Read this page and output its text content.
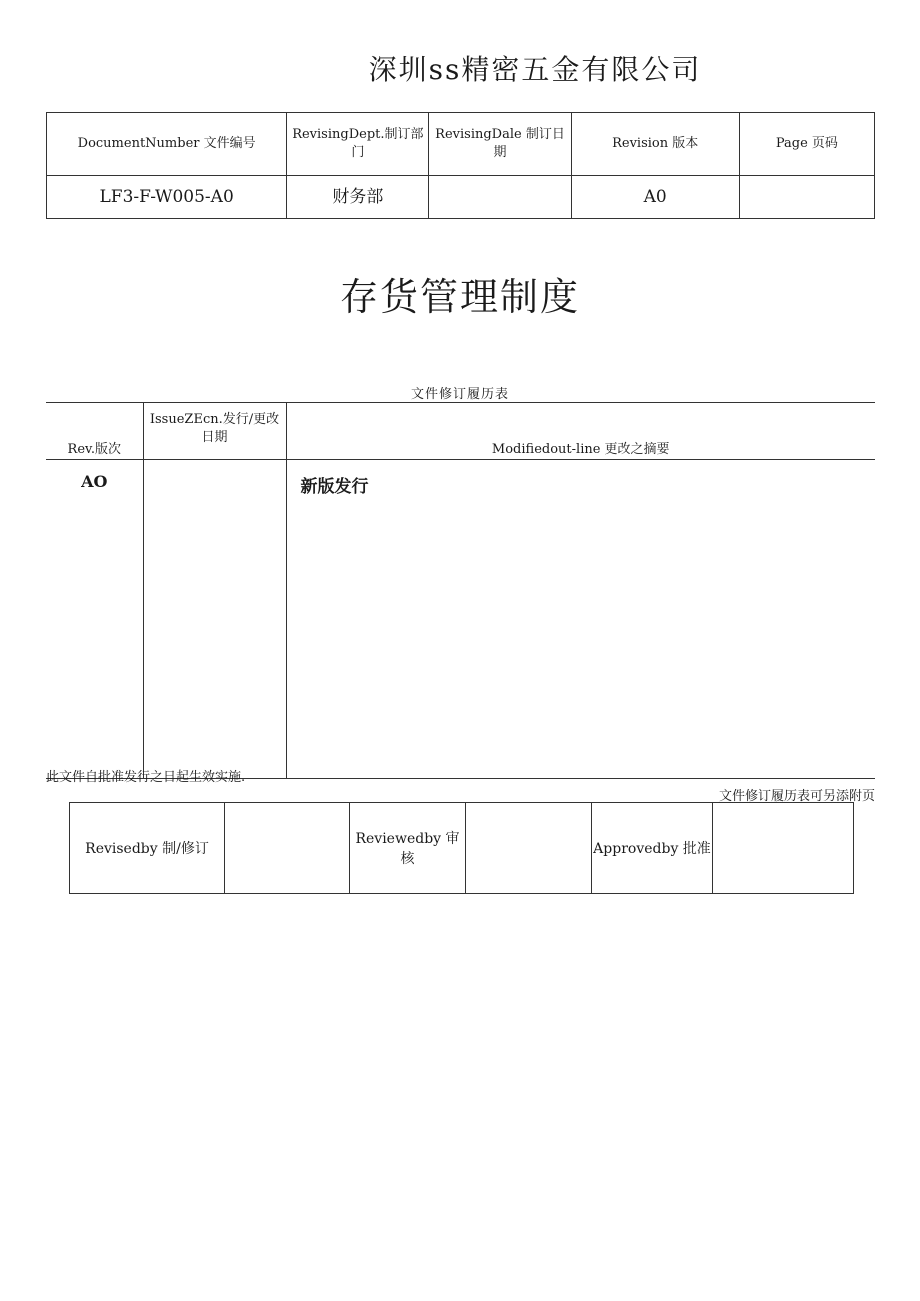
深圳ss精密五金有限公司
DocumentNumber 文件编号	RevisingDept.制订部门	RevisingDale 制订日期	Revision 版本	Page 页码
LF3-F-W005-A0	财务部		A0	
存货管理制度
文件修订履历表
Rev.版次	IssueZEcn.发行/更改日期	Modifiedout-line 更改之摘要
AO		新版发行
此文件自批准发行之日起生效实施.
文件修订履历表可另添附页
Revisedby 制/修订		Reviewedby 审核		Approvedby 批准	
